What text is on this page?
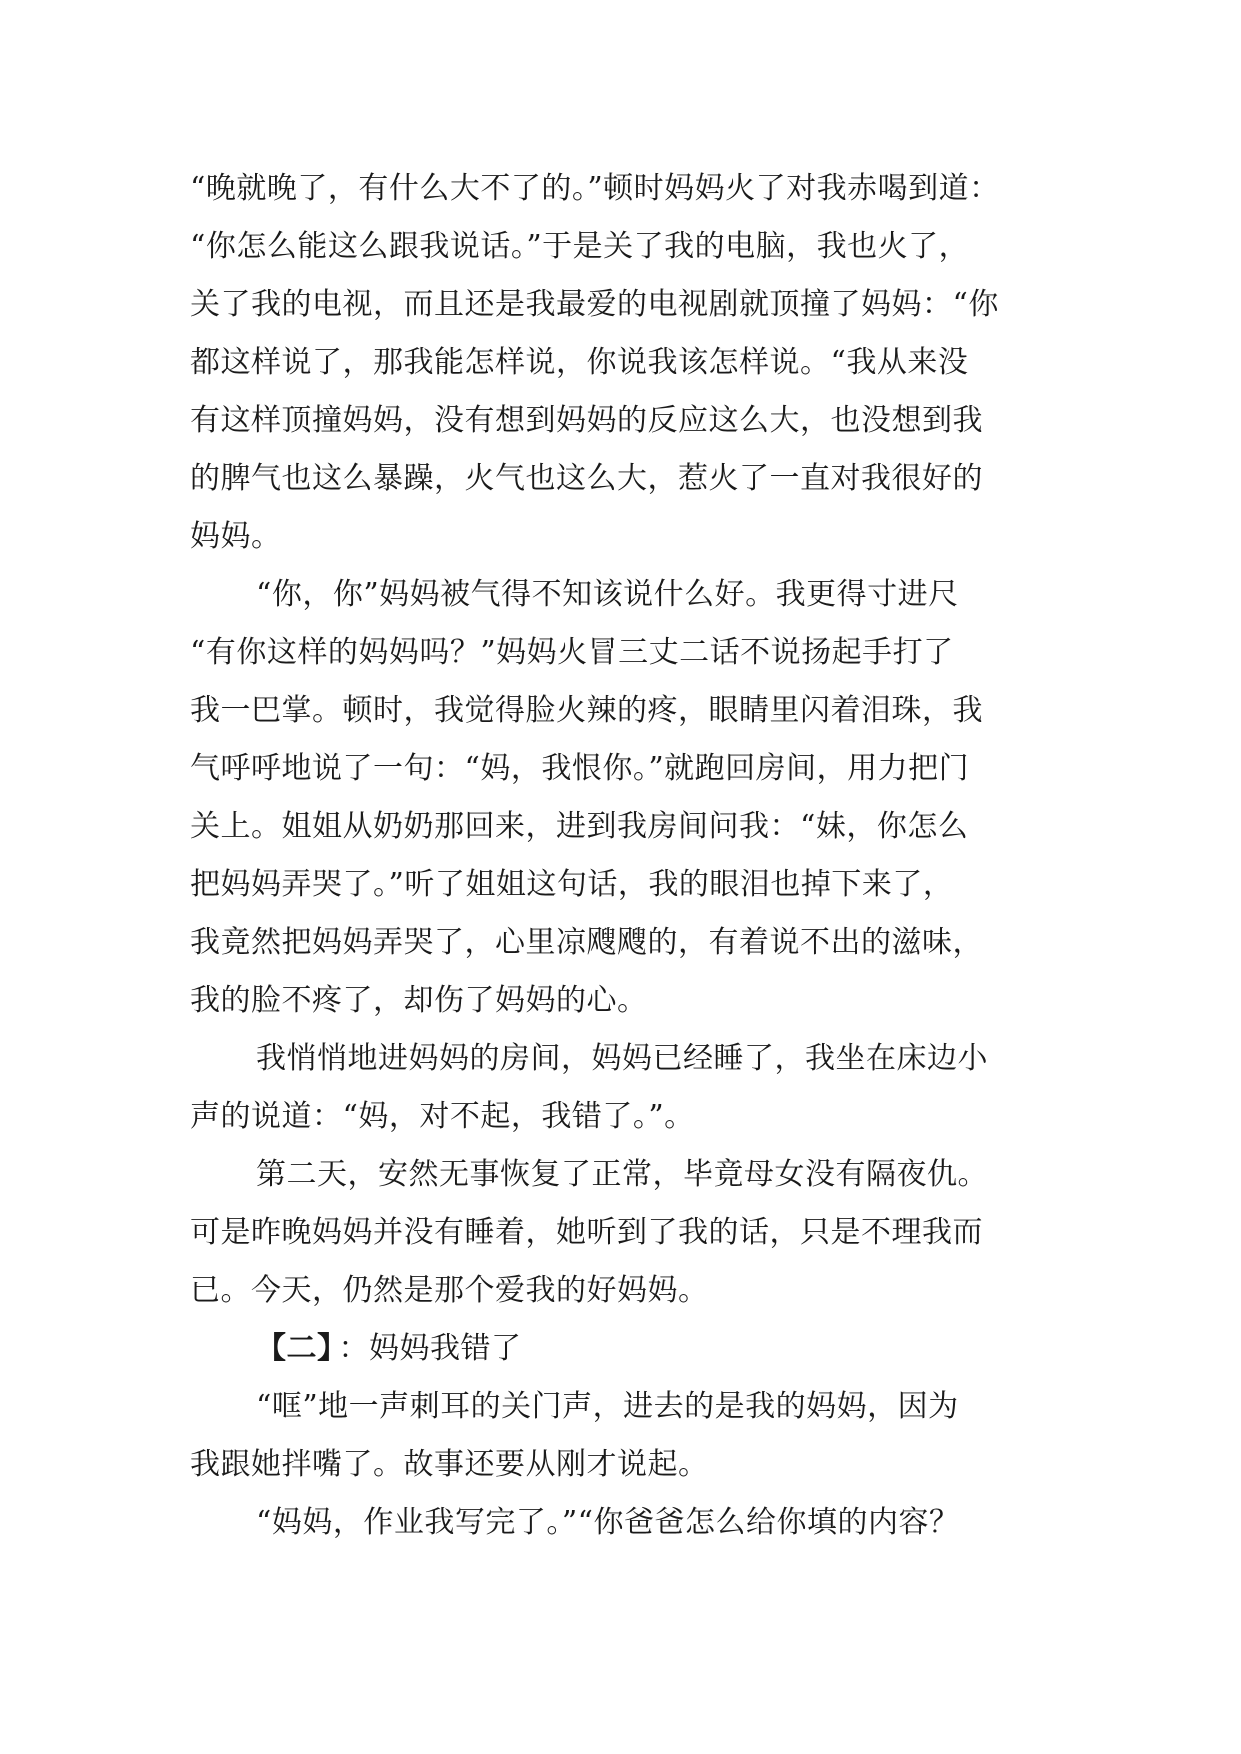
“晚就晚了，有什么大不了的。”顿时妈妈火了对我赤喝到道：
“你怎么能这么跟我说话。”于是关了我的电脑，我也火了，
关了我的电视，而且还是我最爱的电视剧就顶撞了妈妈：“你
都这样说了，那我能怎样说，你说我该怎样说。“我从来没
有这样顶撞妈妈，没有想到妈妈的反应这么大，也没想到我
的脾气也这么暴躁，火气也这么大，惹火了一直对我很好的
妈妈。
“你，你”妈妈被气得不知该说什么好。我更得寸进尺
“有你这样的妈妈吗？”妈妈火冒三丈二话不说扬起手打了
我一巴掌。顿时，我觉得脸火辣的疼，眼睛里闪着泪珠，我
气呼呼地说了一句：“妈，我恨你。”就跑回房间，用力把门
关上。姐姐从奶奶那回来，进到我房间问我：“妹，你怎么
把妈妈弄哭了。”听了姐姐这句话，我的眼泪也掉下来了，
我竟然把妈妈弄哭了，心里凉飕飕的，有着说不出的滋味，
我的脸不疼了，却伤了妈妈的心。
我悄悄地进妈妈的房间，妈妈已经睡了，我坐在床边小
声的说道：“妈，对不起，我错了。”。
第二天，安然无事恢复了正常，毕竟母女没有隔夜仇。
可是昨晚妈妈并没有睡着，她听到了我的话，只是不理我而
已。今天，仍然是那个爱我的好妈妈。
【二】 ：妈妈我错了
“哐”地一声刺耳的关门声，进去的是我的妈妈，因为
我跟她拌嘴了。故事还要从刚才说起。
“妈妈，作业我写完了。”“你爸爸怎么给你填的内容？
